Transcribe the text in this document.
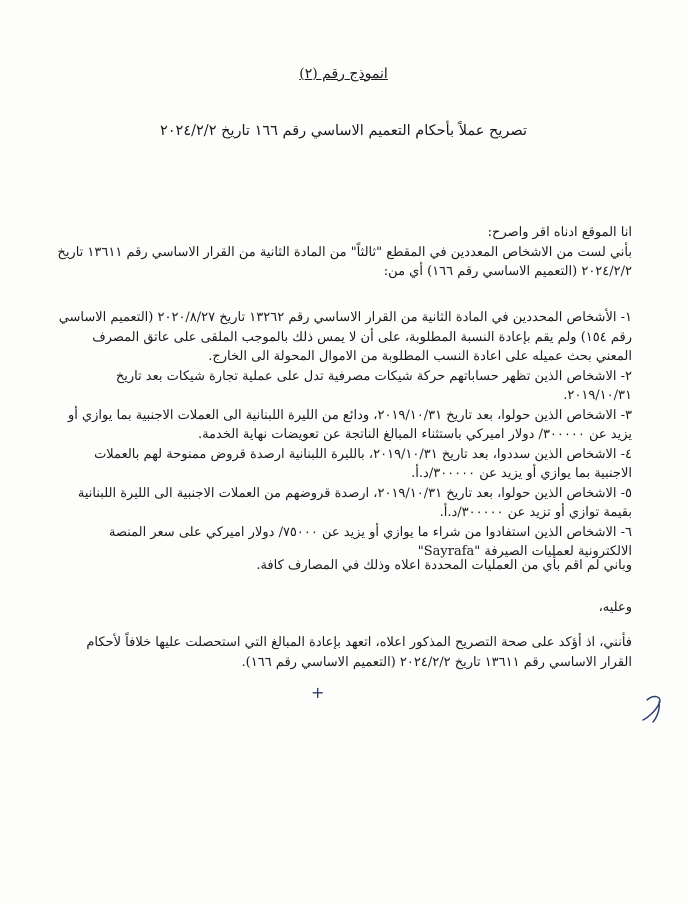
انموذج رقم (٢)
تصريح عملاً بأحكام التعميم الاساسي رقم ١٦٦ تاريخ ٢٠٢٤/٢/٢

انا الموقع ادناه اقر واصرح:

بأني لست من الاشخاص المعددين في المقطع "ثالثاً" من المادة الثانية من القرار الاساسي رقم ١٣٦١١ تاريخ ٢٠٢٤/٢/٢ (التعميم الاساسي رقم ١٦٦) أي من:

١- الأشخاص المحددين في المادة الثانية من القرار الاساسي رقم ١٣٢٦٢ تاريخ ٢٠٢٠/٨/٢٧ (التعميم الاساسي رقم ١٥٤) ولم يقم بإعادة النسبة المطلوبة، على أن لا يمس ذلك بالموجب الملقى على عاتق المصرف المعني بحث عميله على اعادة النسب المطلوبة من الاموال المحولة الى الخارج.
٢- الاشخاص الذين تظهر حساباتهم حركة شيكات مصرفية تدل على عملية تجارة شيكات بعد تاريخ ٢٠١٩/١٠/٣١.
٣- الاشخاص الذين حولوا، بعد تاريخ ٢٠١٩/١٠/٣١، ودائع من الليرة اللبنانية الى العملات الاجنبية بما يوازي أو يزيد عن ٣٠٠٠٠٠/ دولار اميركي باستثناء المبالغ الناتجة عن تعويضات نهاية الخدمة.
٤- الاشخاص الذين سددوا، بعد تاريخ ٢٠١٩/١٠/٣١، بالليرة اللبنانية ارصدة قروض ممنوحة لهم بالعملات الاجنبية بما يوازي أو يزيد عن ٣٠٠٠٠٠/د.أ.
٥- الاشخاص الذين حولوا، بعد تاريخ ٢٠١٩/١٠/٣١، ارصدة قروضهم من العملات الاجنبية الى الليرة اللبنانية بقيمة توازي أو تزيد عن ٣٠٠٠٠٠/د.أ.
٦- الاشخاص الذين استفادوا من شراء ما يوازي أو يزيد عن ٧٥٠٠٠/ دولار اميركي على سعر المنصة الالكترونية لعمليات الصيرفة "Sayrafa"

وباني لم اقم بأي من العمليات المحددة اعلاه وذلك في المصارف كافة.

وعليه،

فأنني، اذ أؤكد على صحة التصريح المذكور اعلاه، اتعهد بإعادة المبالغ التي استحصلت عليها خلافاً لأحكام القرار الاساسي رقم ١٣٦١١ تاريخ ٢٠٢٤/٢/٢ (التعميم الاساسي رقم ١٦٦).

+
